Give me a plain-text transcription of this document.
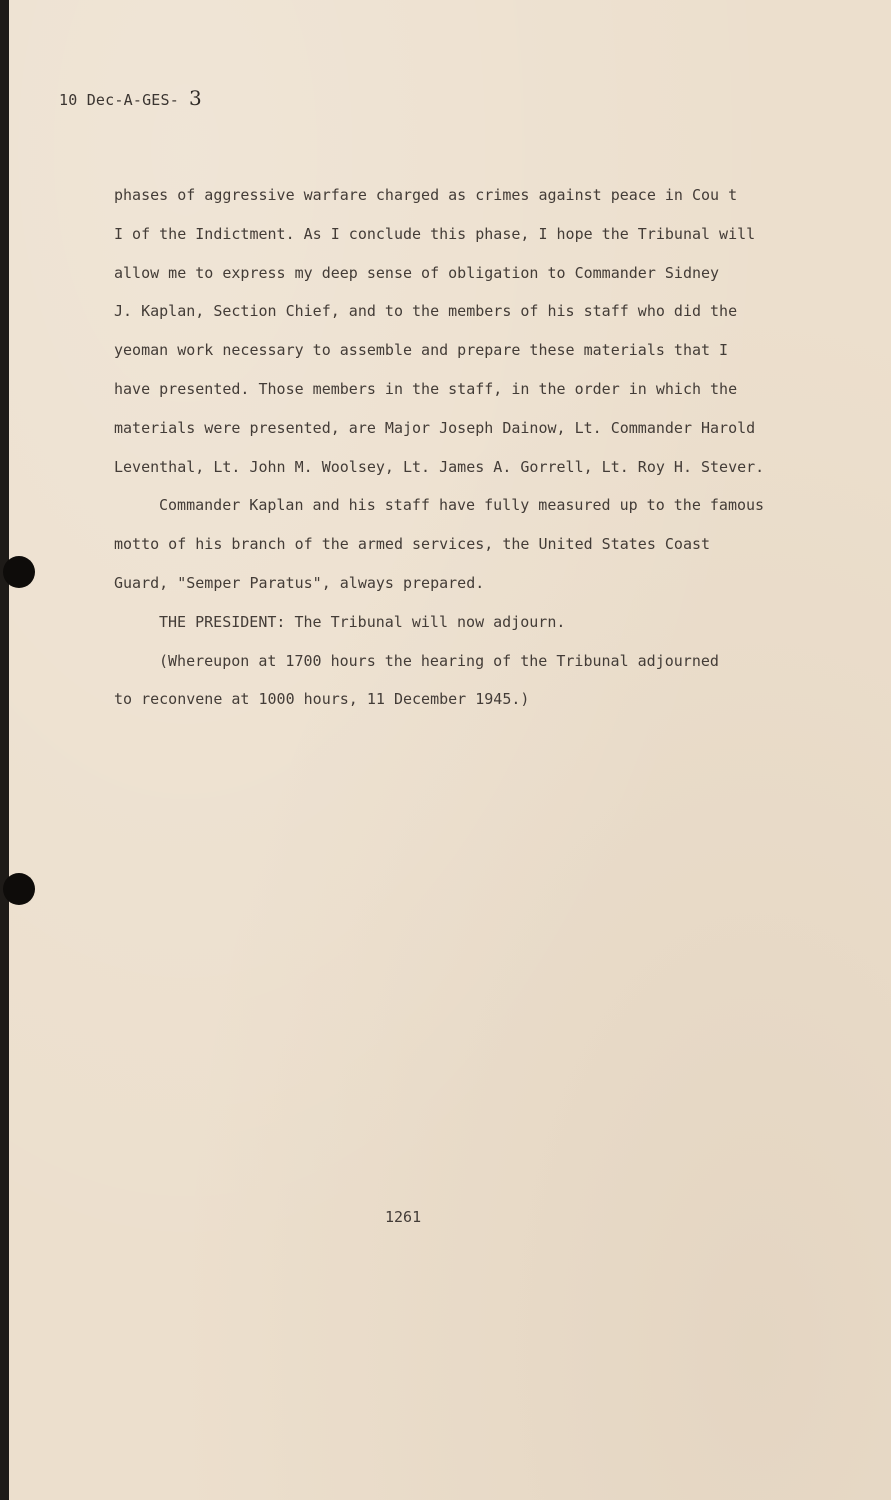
10 Dec-A-GES- 3
phases of aggressive warfare charged as crimes against peace in Cou t
I of the Indictment. As I conclude this phase, I hope the Tribunal will
allow me to express my deep sense of obligation to Commander Sidney
J. Kaplan, Section Chief, and to the members of his staff who did the
yeoman work necessary to assemble and prepare these materials that I
have presented. Those members in the staff, in the order in which the
materials were presented, are Major Joseph Dainow, Lt. Commander Harold
Leventhal, Lt. John M. Woolsey, Lt. James A. Gorrell, Lt. Roy H. Stever.
Commander Kaplan and his staff have fully measured up to the famous
motto of his branch of the armed services, the United States Coast
Guard, "Semper Paratus", always prepared.
THE PRESIDENT: The Tribunal will now adjourn.
(Whereupon at 1700 hours the hearing of the Tribunal adjourned
to reconvene at 1000 hours, 11 December 1945.)
1261
